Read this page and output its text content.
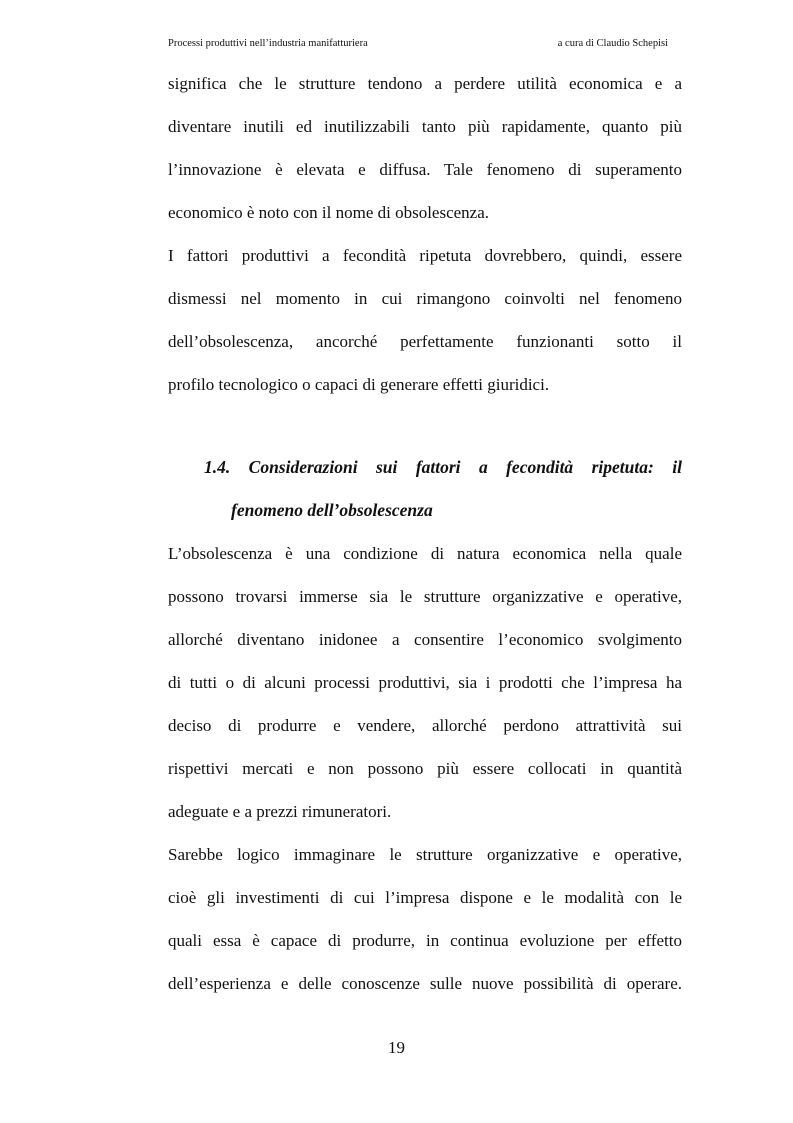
Processi produttivi nell’industria manifatturiera	a cura di Claudio Schepisi

significa che le strutture tendono a perdere utilità economica e a
diventare inutili ed inutilizzabili tanto più rapidamente, quanto più
l’innovazione è elevata e diffusa. Tale fenomeno di superamento
economico è noto con il nome di obsolescenza.

I fattori produttivi a fecondità ripetuta dovrebbero, quindi, essere
dismessi nel momento in cui rimangono coinvolti nel fenomeno
dell’obsolescenza, ancorché perfettamente funzionanti sotto il
profilo tecnologico o capaci di generare effetti giuridici.

1.4. Considerazioni sui fattori a fecondità ripetuta: il
fenomeno dell’obsolescenza

L’obsolescenza è una condizione di natura economica nella quale
possono trovarsi immerse sia le strutture organizzative e operative,
allorché diventano inidonee a consentire l’economico svolgimento
di tutti o di alcuni processi produttivi, sia i prodotti che l’impresa ha
deciso di produrre e vendere, allorché perdono attrattività sui
rispettivi mercati e non possono più essere collocati in quantità
adeguate e a prezzi rimuneratori.

Sarebbe logico immaginare le strutture organizzative e operative,
cioè gli investimenti di cui l’impresa dispone e le modalità con le
quali essa è capace di produrre, in continua evoluzione per effetto
dell’esperienza e delle conoscenze sulle nuove possibilità di operare.

19
